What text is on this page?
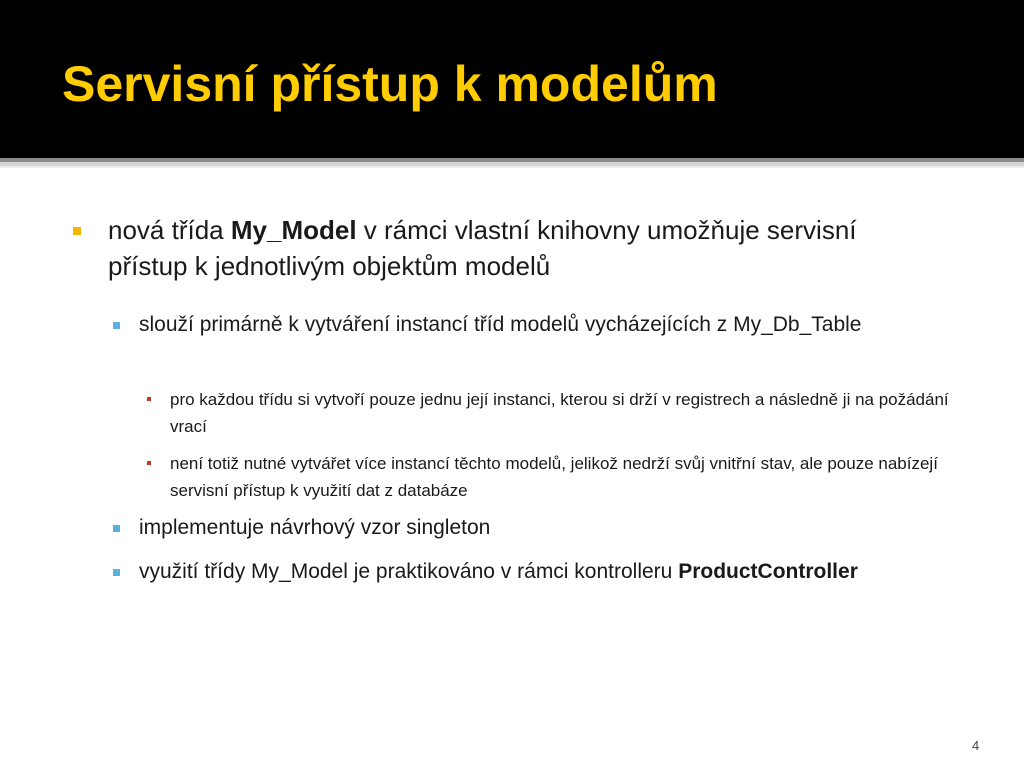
Servisní přístup k modelům
nová třída My_Model v rámci vlastní knihovny umožňuje servisní přístup k jednotlivým objektům modelů
slouží primárně k vytváření instancí tříd modelů vycházejících z My_Db_Table
pro každou třídu si vytvoří pouze jednu její instanci, kterou si drží v registrech a následně ji na požádání vrací
není totiž nutné vytvářet více instancí těchto modelů, jelikož nedrží svůj vnitřní stav, ale pouze nabízejí servisní přístup k využití dat z databáze
implementuje návrhový vzor singleton
využití třídy My_Model je praktikováno v rámci kontrolleru ProductController
4
